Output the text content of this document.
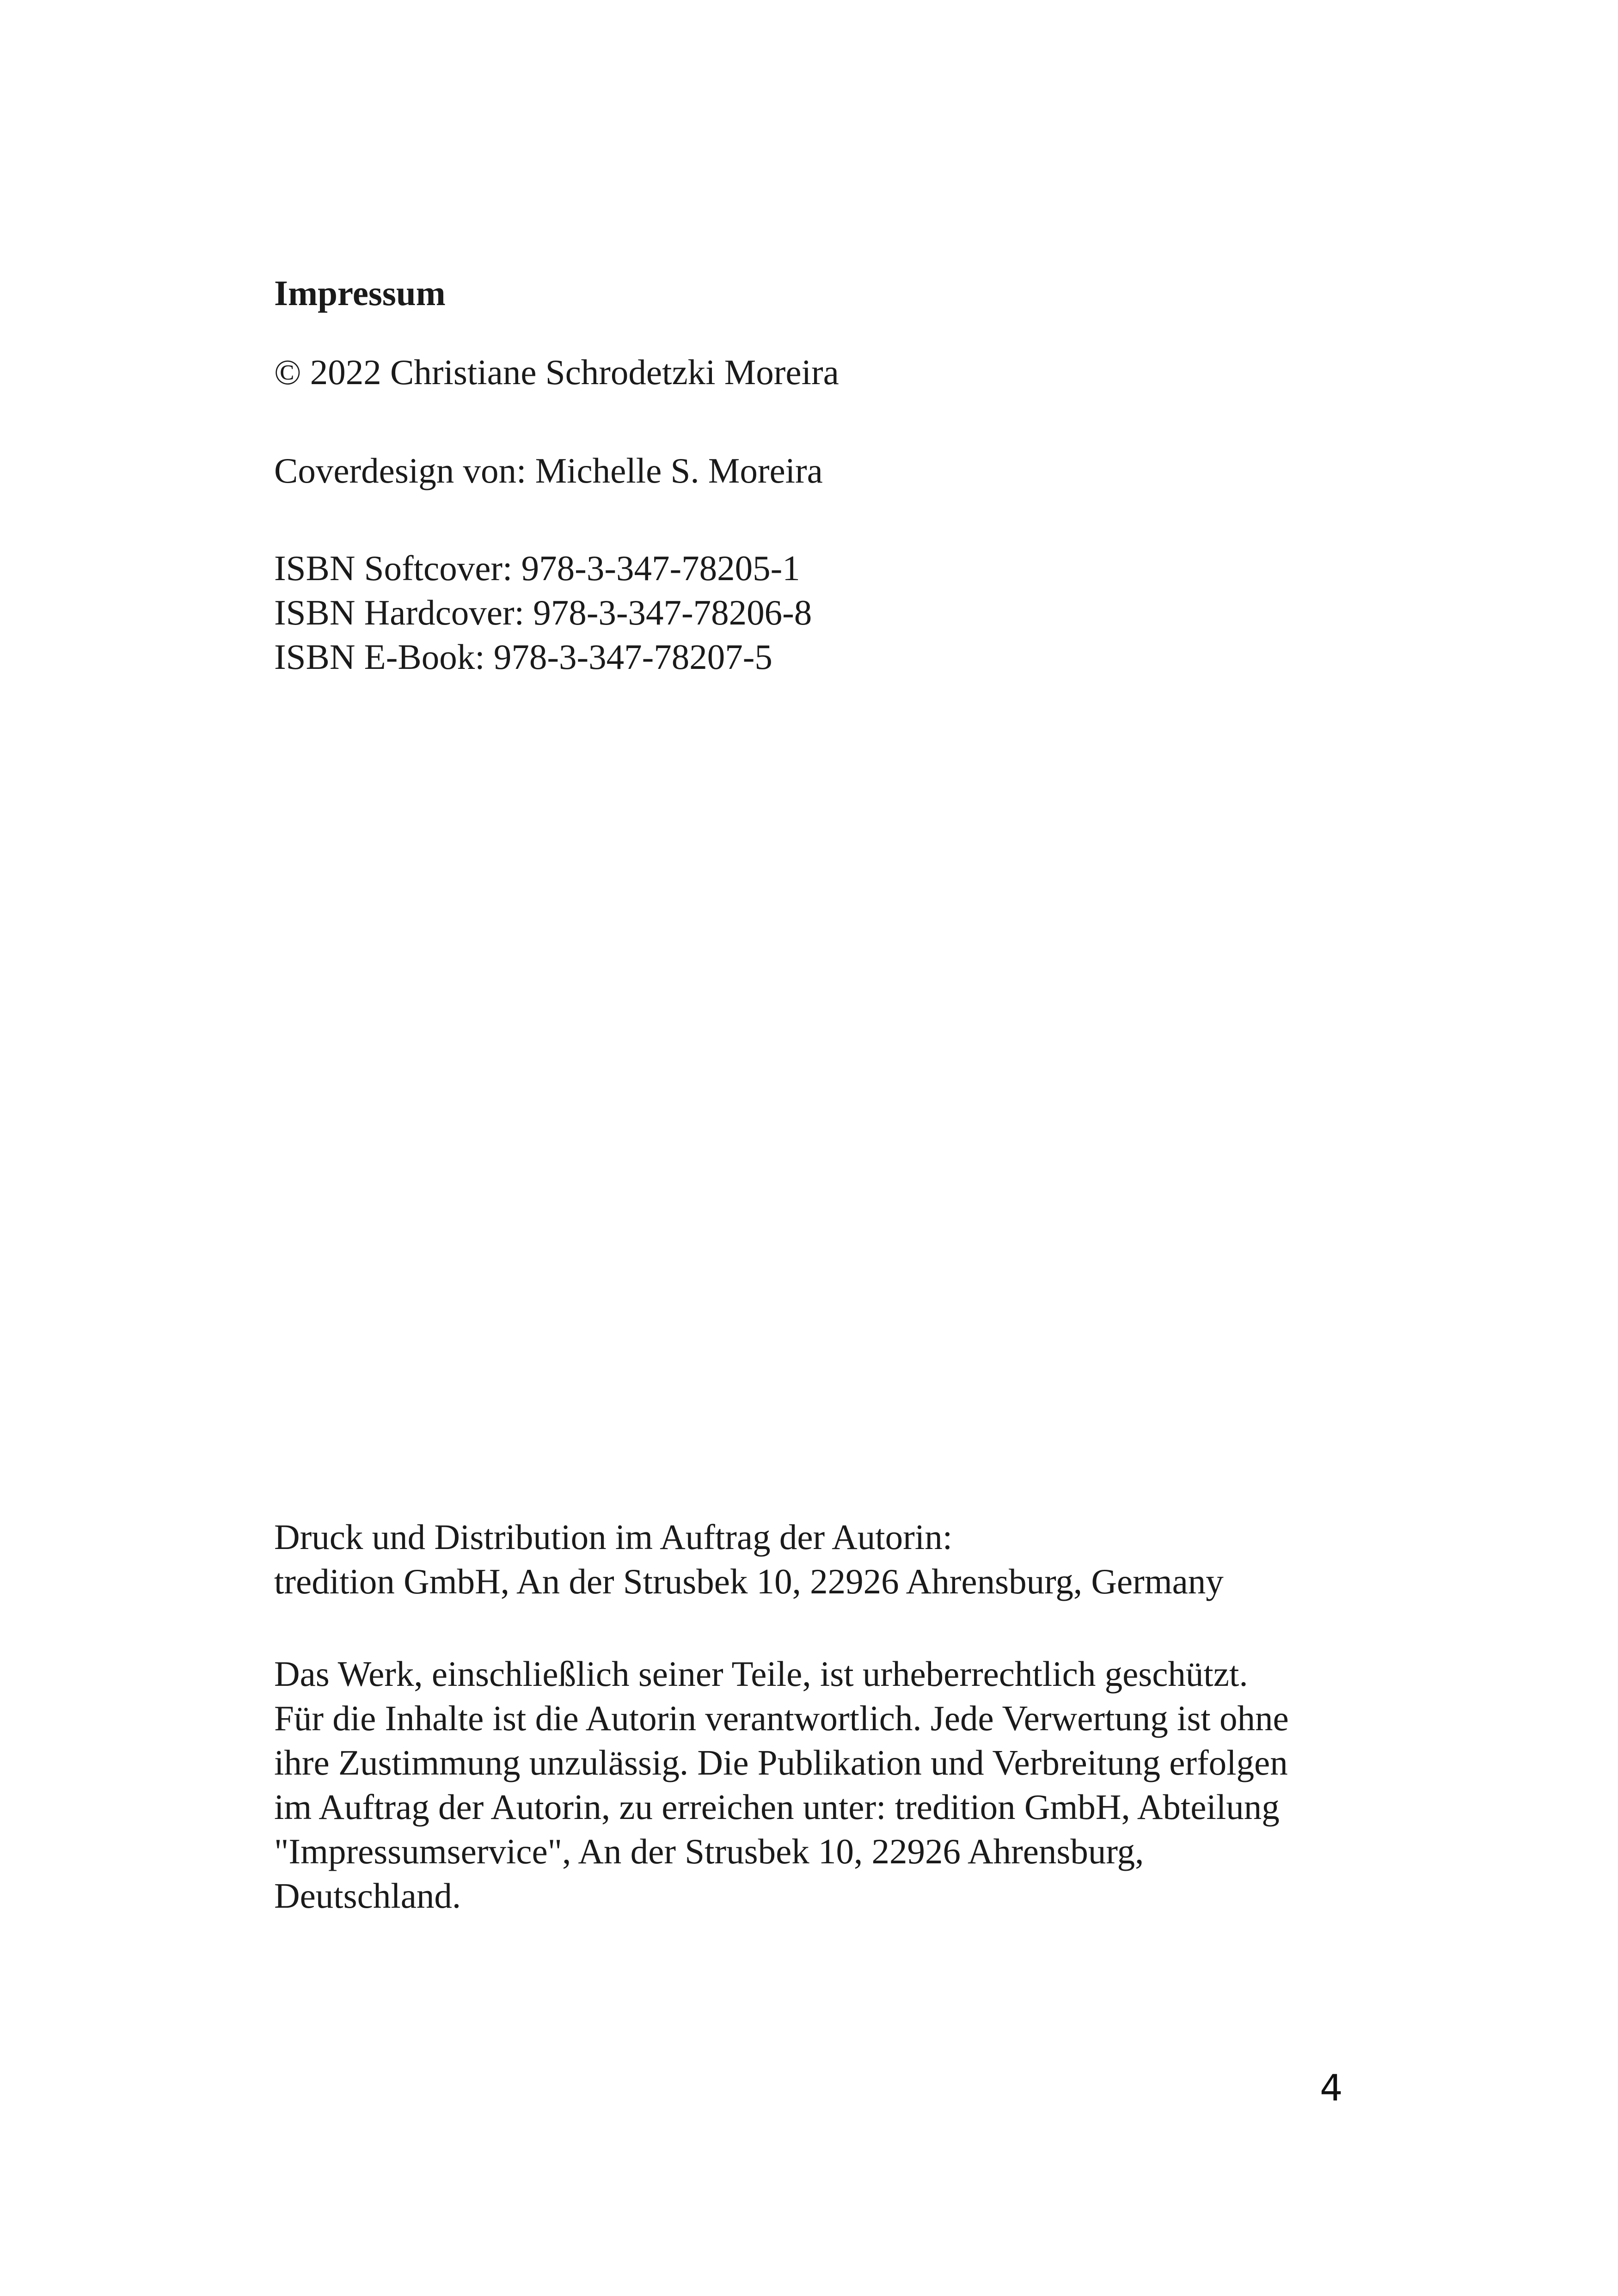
Impressum

© 2022 Christiane Schrodetzki Moreira

Coverdesign von: Michelle S. Moreira

ISBN Softcover: 978-3-347-78205-1
ISBN Hardcover: 978-3-347-78206-8
ISBN E-Book: 978-3-347-78207-5
Druck und Distribution im Auftrag der Autorin:
tredition GmbH, An der Strusbek 10, 22926 Ahrensburg, Germany
Das Werk, einschließlich seiner Teile, ist urheberrechtlich geschützt.
Für die Inhalte ist die Autorin verantwortlich. Jede Verwertung ist ohne
ihre Zustimmung unzulässig. Die Publikation und Verbreitung erfolgen
im Auftrag der Autorin, zu erreichen unter: tredition GmbH, Abteilung
"Impressumservice", An der Strusbek 10, 22926 Ahrensburg,
Deutschland.
4
